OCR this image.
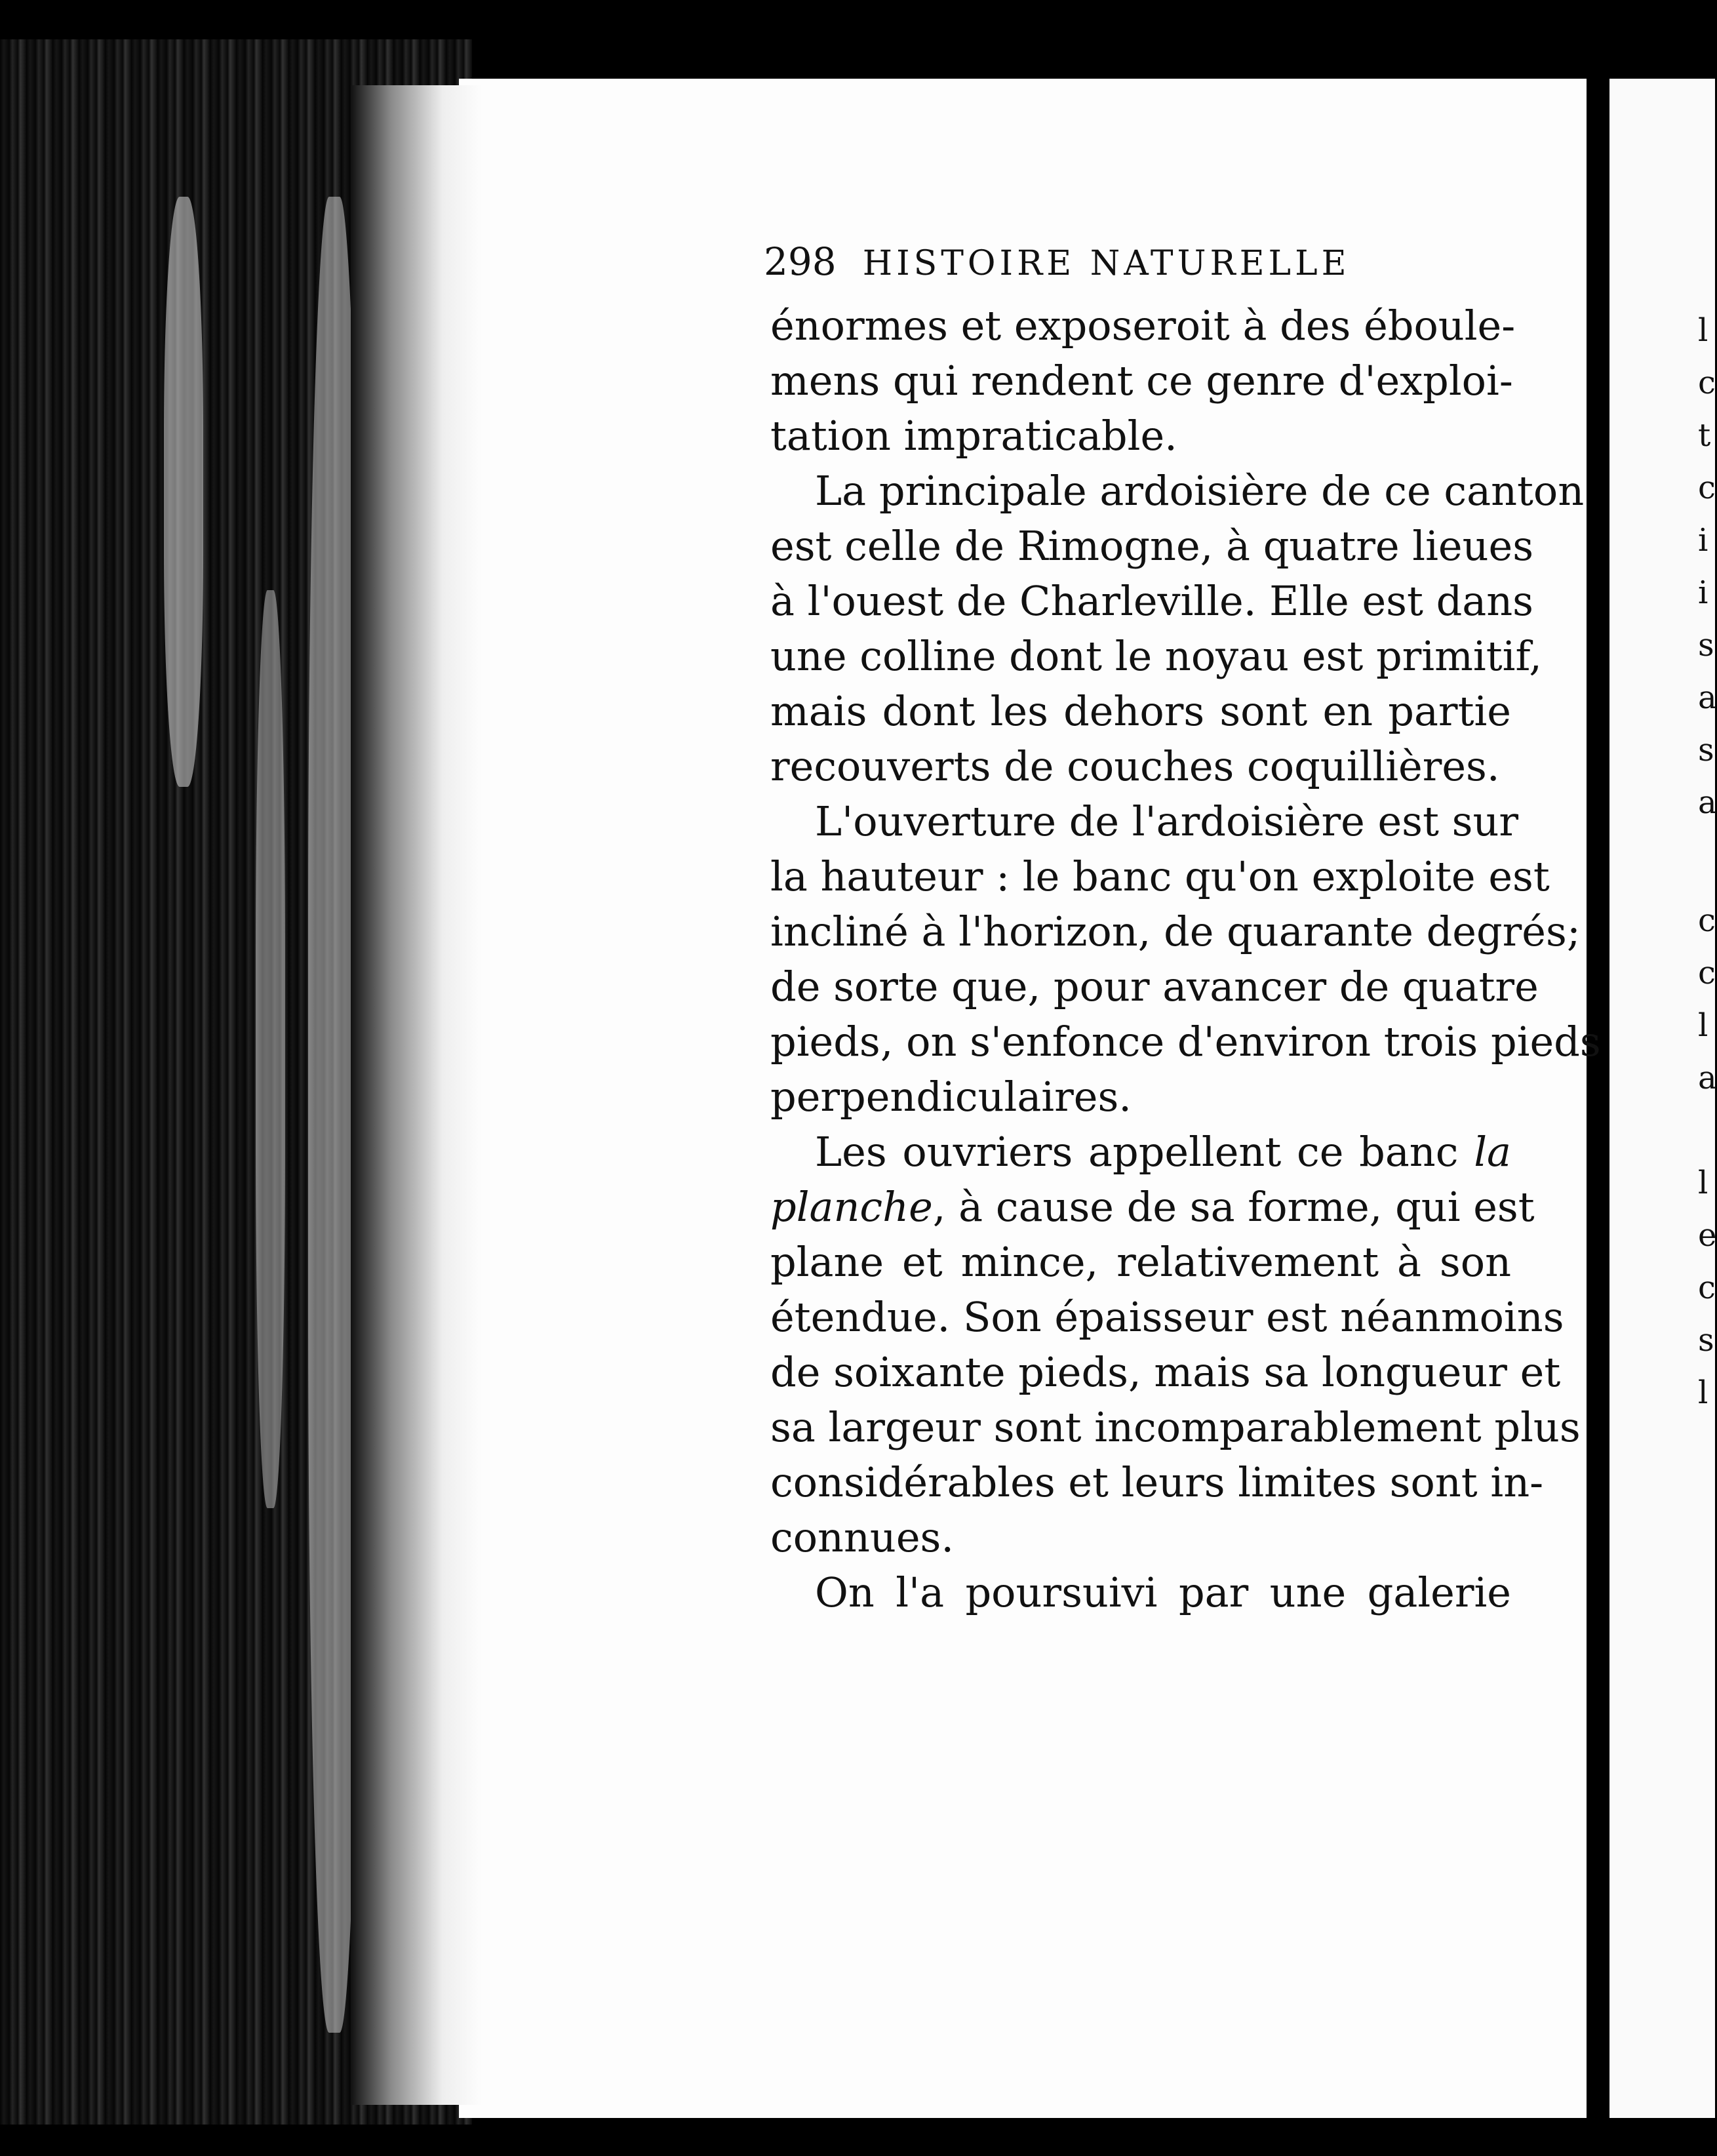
l
c
t
c
i
i
s
a
s
a
c
c
l
a
l
e
c
s
l
298 HISTOIRE NATURELLE
énormes et exposeroit à des éboule-
mens qui rendent ce genre d'exploi-
tation impraticable.
La principale ardoisière de ce canton
est celle de Rimogne, à quatre lieues
à l'ouest de Charleville. Elle est dans
une colline dont le noyau est primitif,
mais dont les dehors sont en partie
recouverts de couches coquillières.
L'ouverture de l'ardoisière est sur
la hauteur : le banc qu'on exploite est
incliné à l'horizon, de quarante degrés;
de sorte que, pour avancer de quatre
pieds, on s'enfonce d'environ trois pieds
perpendiculaires.
Les ouvriers appellent ce banc la
planche, à cause de sa forme, qui est
plane et mince, relativement à son
étendue. Son épaisseur est néanmoins
de soixante pieds, mais sa longueur et
sa largeur sont incomparablement plus
considérables et leurs limites sont in-
connues.
On l'a poursuivi par une galerie
